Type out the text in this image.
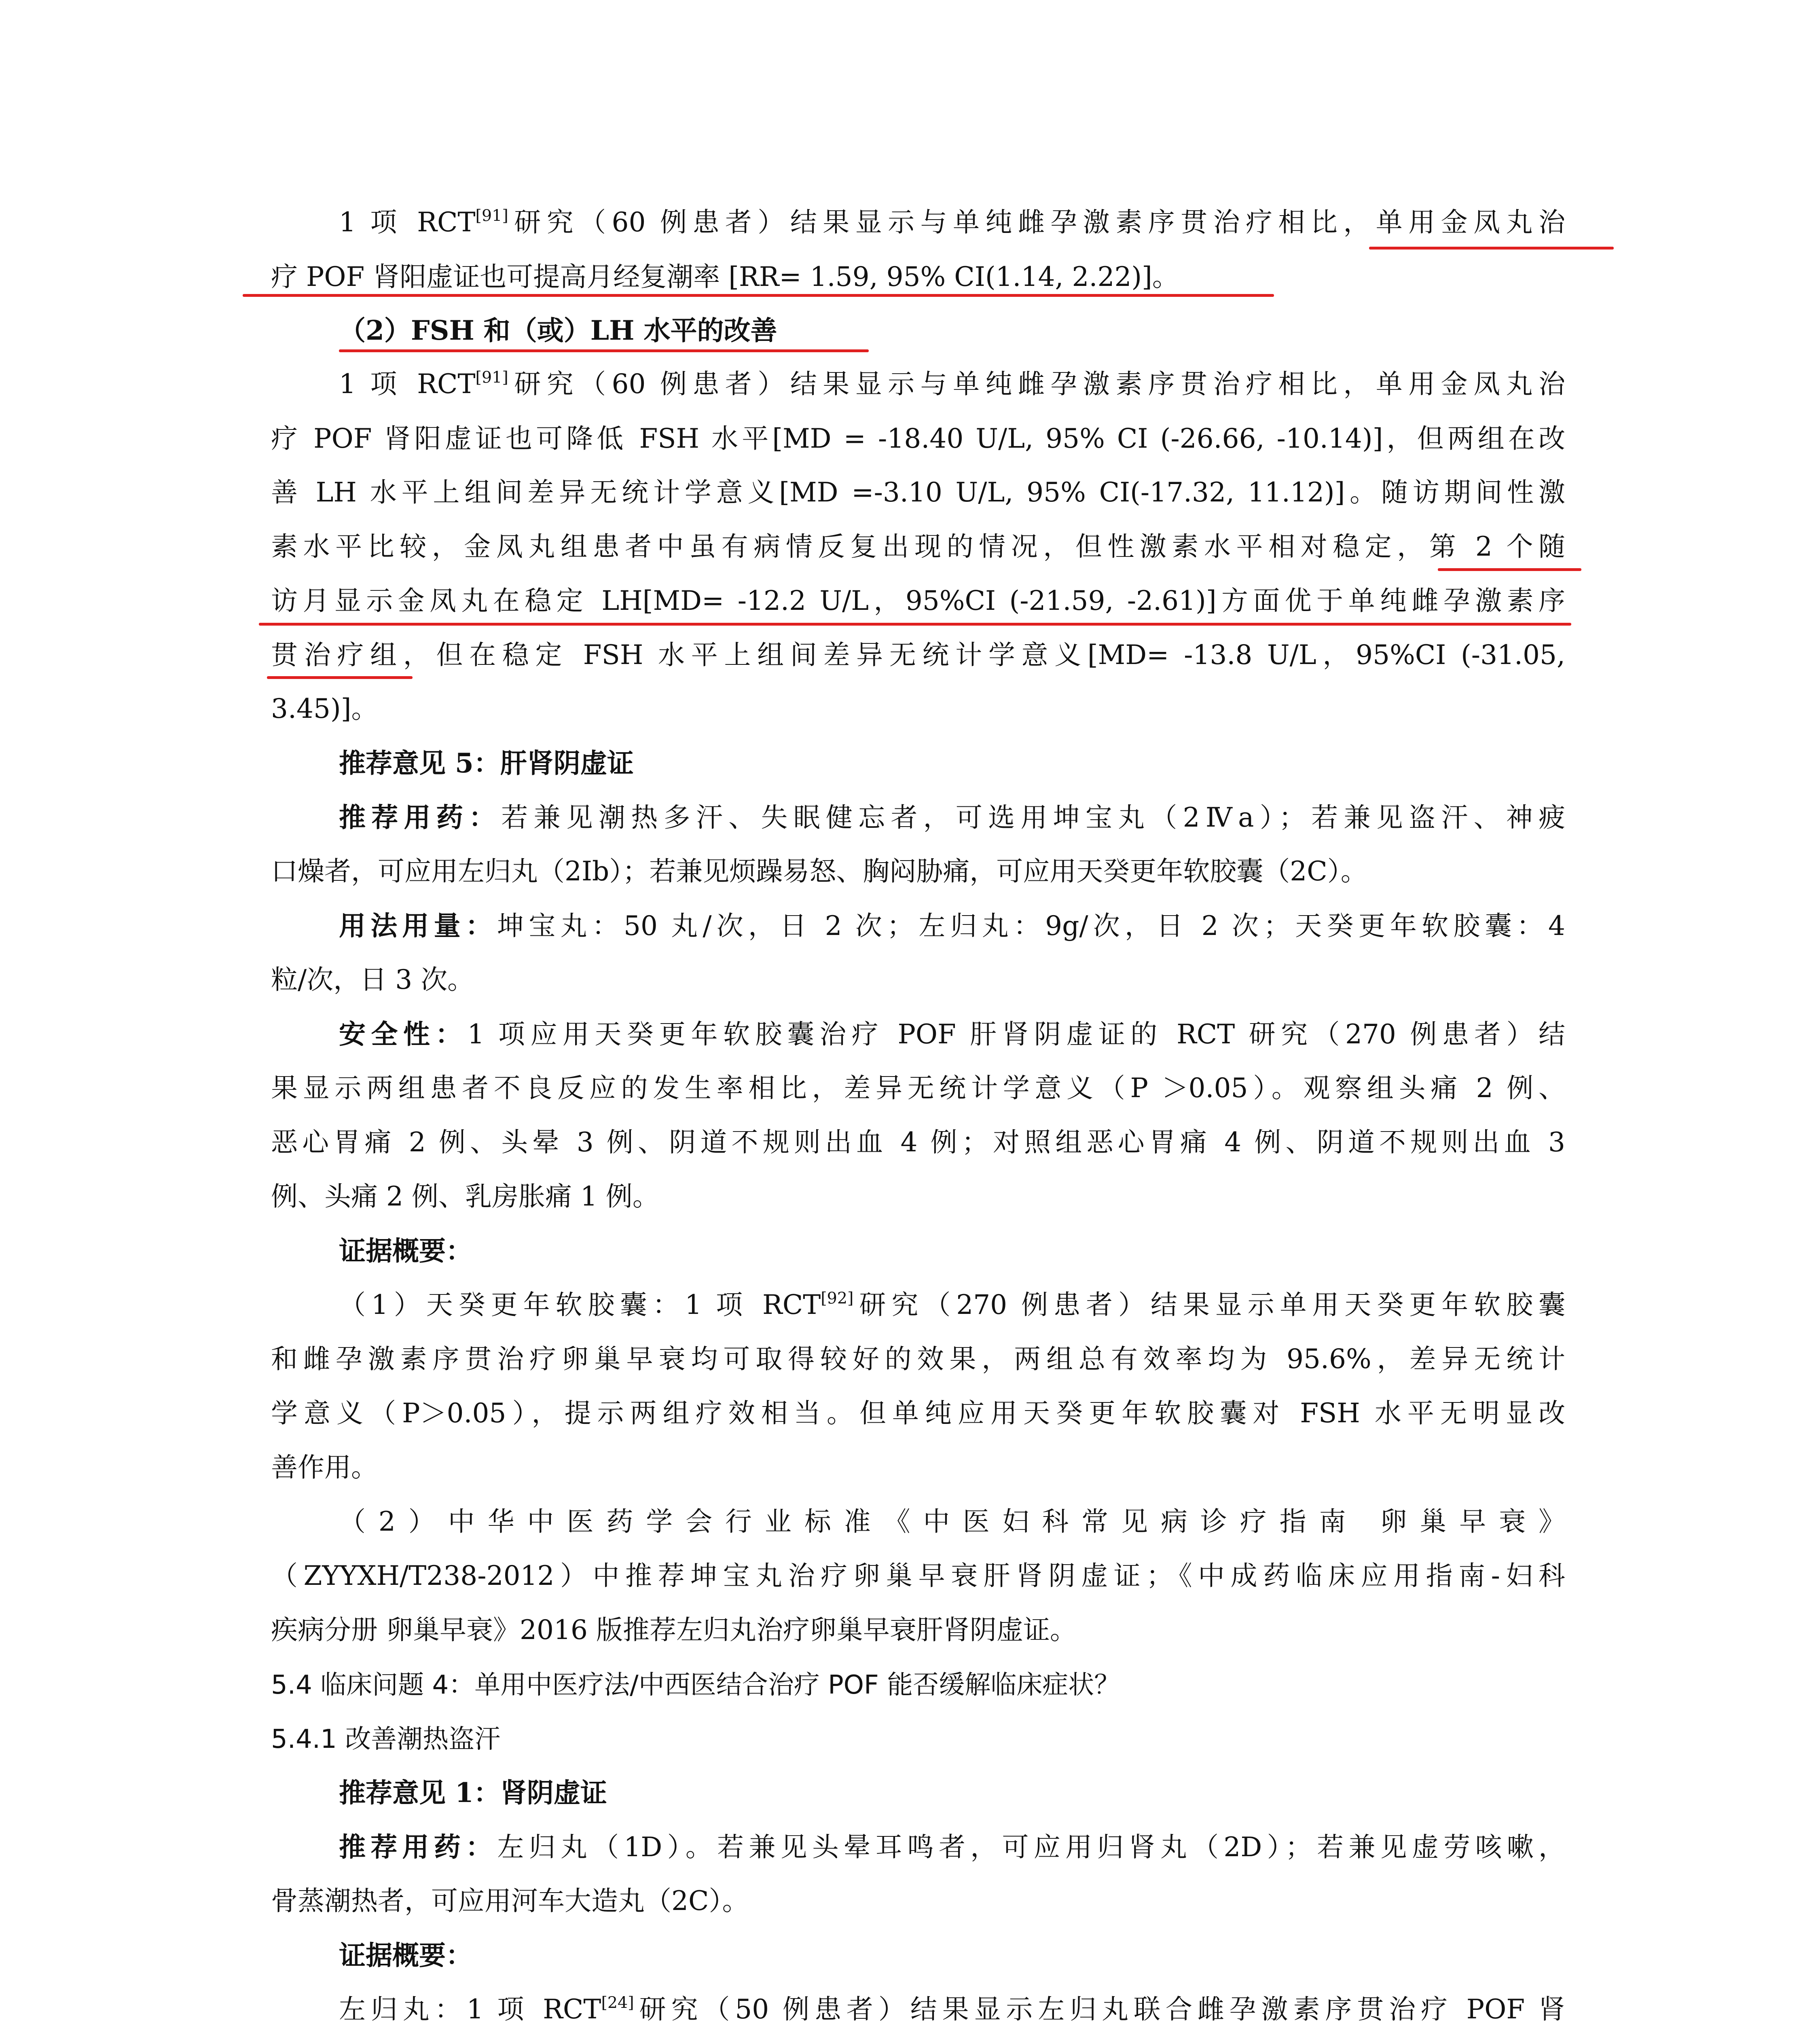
1 项 RCT[91]研究（60 例患者）结果显示与单纯雌孕激素序贯治疗相比，单用金凤丸治

疗 POF 肾阳虚证也可提高月经复潮率 [RR= 1.59, 95% CI(1.14, 2.22)]。

（2）FSH 和（或）LH 水平的改善

1 项 RCT[91]研究（60 例患者）结果显示与单纯雌孕激素序贯治疗相比，单用金凤丸治

疗 POF 肾阳虚证也可降低 FSH 水平[MD = -18.40 U/L, 95% CI (-26.66, -10.14)]，但两组在改

善 LH 水平上组间差异无统计学意义[MD =-3.10 U/L, 95% CI(-17.32, 11.12)]。随访期间性激

素水平比较，金凤丸组患者中虽有病情反复出现的情况，但性激素水平相对稳定，第 2 个随

访月显示金凤丸在稳定 LH[MD= -12.2 U/L，95%CI (-21.59, -2.61)]方面优于单纯雌孕激素序

贯治疗组，但在稳定 FSH 水平上组间差异无统计学意义[MD= -13.8 U/L，95%CI (-31.05,

3.45)]。

推荐意见 5：肝肾阴虚证

推荐用药：若兼见潮热多汗、失眠健忘者，可选用坤宝丸（2Ⅳa）；若兼见盗汗、神疲

口燥者，可应用左归丸（2Ⅰb）；若兼见烦躁易怒、胸闷胁痛，可应用天癸更年软胶囊（2C）。

用法用量：坤宝丸：50 丸/次，日 2 次；左归丸：9g/次，日 2 次；天癸更年软胶囊：4

粒/次，日 3 次。

安全性：1 项应用天癸更年软胶囊治疗 POF 肝肾阴虚证的 RCT 研究（270 例患者）结

果显示两组患者不良反应的发生率相比，差异无统计学意义（P ＞0.05）。观察组头痛 2 例、

恶心胃痛 2 例、头晕 3 例、阴道不规则出血 4 例；对照组恶心胃痛 4 例、阴道不规则出血 3

例、头痛 2 例、乳房胀痛 1 例。

证据概要：

（1）天癸更年软胶囊：1 项 RCT[92]研究（270 例患者）结果显示单用天癸更年软胶囊

和雌孕激素序贯治疗卵巢早衰均可取得较好的效果，两组总有效率均为 95.6%，差异无统计

学意义（P＞0.05），提示两组疗效相当。但单纯应用天癸更年软胶囊对 FSH 水平无明显改

善作用。

（2）中华中医药学会行业标准《中医妇科常见病诊疗指南 卵巢早衰》

（ZYYXH/T238-2012）中推荐坤宝丸治疗卵巢早衰肝肾阴虚证；《中成药临床应用指南-妇科

疾病分册 卵巢早衰》2016 版推荐左归丸治疗卵巢早衰肝肾阴虚证。

5.4 临床问题 4：单用中医疗法/中西医结合治疗 POF 能否缓解临床症状？

5.4.1 改善潮热盗汗

推荐意见 1：肾阴虚证

推荐用药：左归丸（1D）。若兼见头晕耳鸣者，可应用归肾丸（2D）；若兼见虚劳咳嗽，

骨蒸潮热者，可应用河车大造丸（2C）。

证据概要：

左归丸：1 项 RCT[24]研究（50 例患者）结果显示左归丸联合雌孕激素序贯治疗 POF 肾
